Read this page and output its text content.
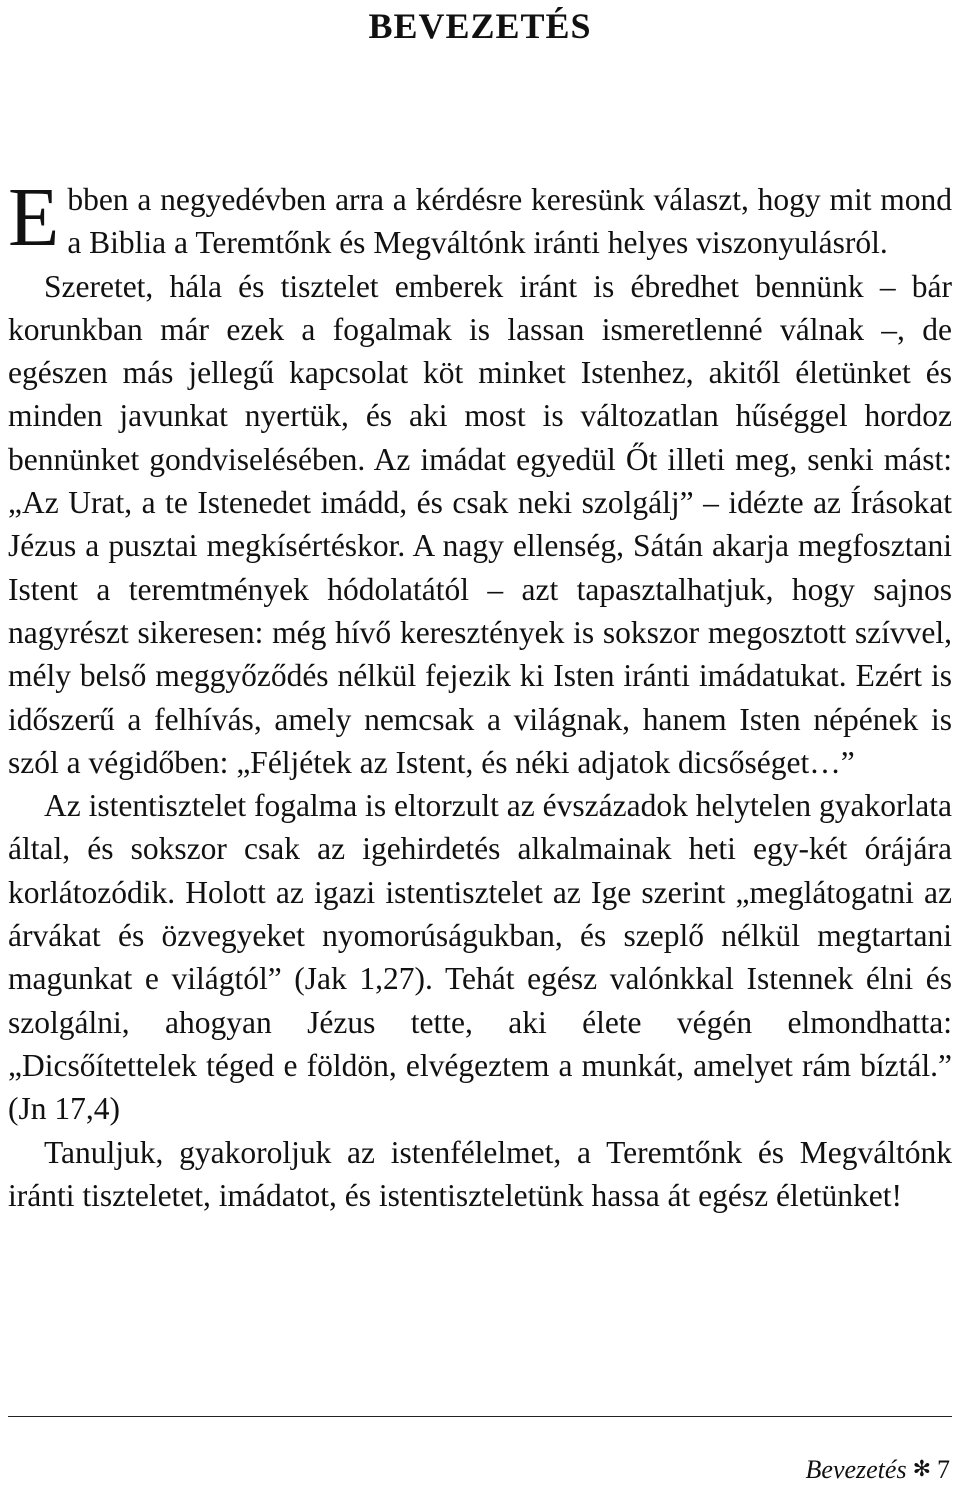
BEVEZETÉS

Ebben a negyedévben arra a kérdésre keresünk választ, hogy mit mond a Biblia a Teremtőnk és Megváltónk iránti helyes viszonyulásról.

Szeretet, hála és tisztelet emberek iránt is ébredhet bennünk – bár korunkban már ezek a fogalmak is lassan ismeretlenné válnak –, de egészen más jellegű kapcsolat köt minket Istenhez, akitől életünket és minden javunkat nyertük, és aki most is változatlan hűséggel hordoz bennünket gondviselésében. Az imádat egyedül Őt illeti meg, senki mást: „Az Urat, a te Istenedet imádd, és csak neki szolgálj” – idézte az Írásokat Jézus a pusztai megkísértéskor. A nagy ellenség, Sátán akarja megfosztani Istent a teremtmények hódolatától – azt tapasztalhatjuk, hogy sajnos nagyrészt sikeresen: még hívő keresztények is sokszor megosztott szívvel, mély belső meggyőződés nélkül fejezik ki Isten iránti imádatukat. Ezért is időszerű a felhívás, amely nemcsak a világnak, hanem Isten népének is szól a végidőben: „Féljétek az Istent, és néki adjatok dicsőséget…”

Az istentisztelet fogalma is eltorzult az évszázadok helytelen gyakorlata által, és sokszor csak az igehirdetés alkalmainak heti egy-két órájára korlátozódik. Holott az igazi istentisztelet az Ige szerint „meglátogatni az árvákat és özvegyeket nyomorúságukban, és szeplő nélkül megtartani magunkat e világtól” (Jak 1,27). Tehát egész valónkkal Istennek élni és szolgálni, ahogyan Jézus tette, aki élete végén elmondhatta: „Dicsőítettelek téged e földön, elvégeztem a munkát, amelyet rám bíztál.” (Jn 17,4)

Tanuljuk, gyakoroljuk az istenfélelmet, a Teremtőnk és Megváltónk iránti tiszteletet, imádatot, és istentiszteletünk hassa át egész életünket!

Bevezetés ✻ 7
